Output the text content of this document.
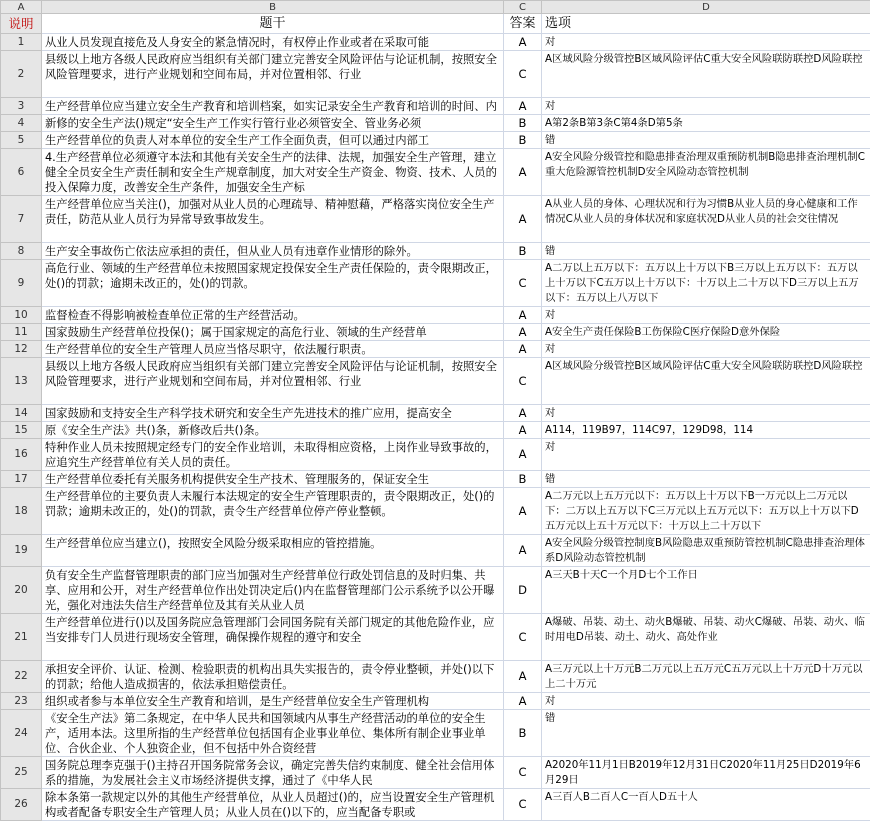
A	B	C	D
说明	题干	答案	选项
1	从业人员发现直接危及人身安全的紧急情况时，有权停止作业或者在采取可能	A	对

2	县级以上地方各级人民政府应当组织有关部门建立完善安全风险评估与论证机制，按照安全风险管理要求，进行产业规划和空间布局，并对位置相邻、行业	C	A区域风险分级管控B区域风险评估C重大安全风险联防联控D风险联控

3	生产经营单位应当建立安全生产教育和培训档案，如实记录安全生产教育和培训的时间、内	A	对

4	新修的安全生产法()规定“安全生产工作实行管行业必须管安全、管业务必须	B	A第2条B第3条C第4条D第5条

5	生产经营单位的负责人对本单位的安全生产工作全面负责，但可以通过内部工	B	错

6	4.生产经营单位必须遵守本法和其他有关安全生产的法律、法规，加强安全生产管理，建立健全全员安全生产责任制和安全生产规章制度，加大对安全生产资金、物资、技术、人员的投入保障力度，改善安全生产条件，加强安全生产标	A	A安全风险分级管控和隐患排查治理双重预防机制B隐患排查治理机制C重大危险源管控机制D安全风险动态管控机制

7	生产经营单位应当关注()，加强对从业人员的心理疏导、精神慰藉，严格落实岗位安全生产责任，防范从业人员行为异常导致事故发生。	A	A从业人员的身体、心理状况和行为习惯B从业人员的身心健康和工作情况C从业人员的身体状况和家庭状况D从业人员的社会交往情况

8	生产安全事故伤亡依法应承担的责任，但从业人员有违章作业情形的除外。	B	错

9	高危行业、领域的生产经营单位未按照国家规定投保安全生产责任保险的，责令限期改正，处()的罚款；逾期未改正的，处()的罚款。	C	A二万以上五万以下：五万以上十万以下B三万以上五万以下：五万以上十万以下C五万以上十万以下：十万以上二十万以下D三万以上五万以下：五万以上八万以下

10	监督检查不得影响被检查单位正常的生产经营活动。	A	对

11	国家鼓励生产经营单位投保()；属于国家规定的高危行业、领域的生产经营单	A	A安全生产责任保险B工伤保险C医疗保险D意外保险

12	生产经营单位的安全生产管理人员应当恪尽职守，依法履行职责。	A	对

13	县级以上地方各级人民政府应当组织有关部门建立完善安全风险评估与论证机制，按照安全风险管理要求，进行产业规划和空间布局，并对位置相邻、行业	C	A区域风险分级管控B区域风险评估C重大安全风险联防联控D风险联控

14	国家鼓励和支持安全生产科学技术研究和安全生产先进技术的推广应用，提高安全	A	对

15	原《安全生产法》共()条，新修改后共()条。	A	A114，119B97，114C97，129D98，114

16	特种作业人员未按照规定经专门的安全作业培训，未取得相应资格，上岗作业导致事故的，应追究生产经营单位有关人员的责任。	A	对

17	生产经营单位委托有关服务机构提供安全生产技术、管理服务的，保证安全生	B	错

18	生产经营单位的主要负责人未履行本法规定的安全生产管理职责的，责令限期改正，处()的罚款；逾期未改正的，处()的罚款，责令生产经营单位停产停业整顿。	A	A二万元以上五万元以下：五万以上十万以下B一万元以上二万元以下：二万以上五万以下C三万元以上五万元以下：五万以上十万以下D五万元以上五十万元以下：十万以上二十万以下

19	生产经营单位应当建立()，按照安全风险分级采取相应的管控措施。	A	A安全风险分级管控制度B风险隐患双重预防管控机制C隐患排查治理体系D风险动态管控机制

20	负有安全生产监督管理职责的部门应当加强对生产经营单位行政处罚信息的及时归集、共享、应用和公开，对生产经营单位作出处罚决定后()内在监督管理部门公示系统予以公开曝光，强化对违法失信生产经营单位及其有关从业人员	D	A三天B十天C一个月D七个工作日

21	生产经营单位进行()以及国务院应急管理部门会同国务院有关部门规定的其他危险作业，应当安排专门人员进行现场安全管理，确保操作规程的遵守和安全	C	A爆破、吊装、动土、动火B爆破、吊装、动火C爆破、吊装、动火、临时用电D吊装、动土、动火、高处作业

22	承担安全评价、认证、检测、检验职责的机构出具失实报告的，责令停业整顿，并处()以下的罚款；给他人造成损害的，依法承担赔偿责任。	A	A三万元以上十万元B二万元以上五万元C五万元以上十万元D十万元以上二十万元

23	组织或者参与本单位安全生产教育和培训，是生产经营单位安全生产管理机构	A	对

24	《安全生产法》第二条规定，在中华人民共和国领域内从事生产经营活动的单位的安全生产，适用本法。这里所指的生产经营单位包括国有企业事业单位、集体所有制企业事业单位、合伙企业、个人独资企业，但不包括中外合资经营	B	错

25	国务院总理李克强于()主持召开国务院常务会议，确定完善失信约束制度、健全社会信用体系的措施，为发展社会主义市场经济提供支撑，通过了《中华人民	C	A2020年11月1日B2019年12月31日C2020年11月25日D2019年6月29日

26	除本条第一款规定以外的其他生产经营单位，从业人员超过()的，应当设置安全生产管理机构或者配备专职安全生产管理人员；从业人员在()以下的，应当配备专职或	C	A三百人B二百人C一百人D五十人
